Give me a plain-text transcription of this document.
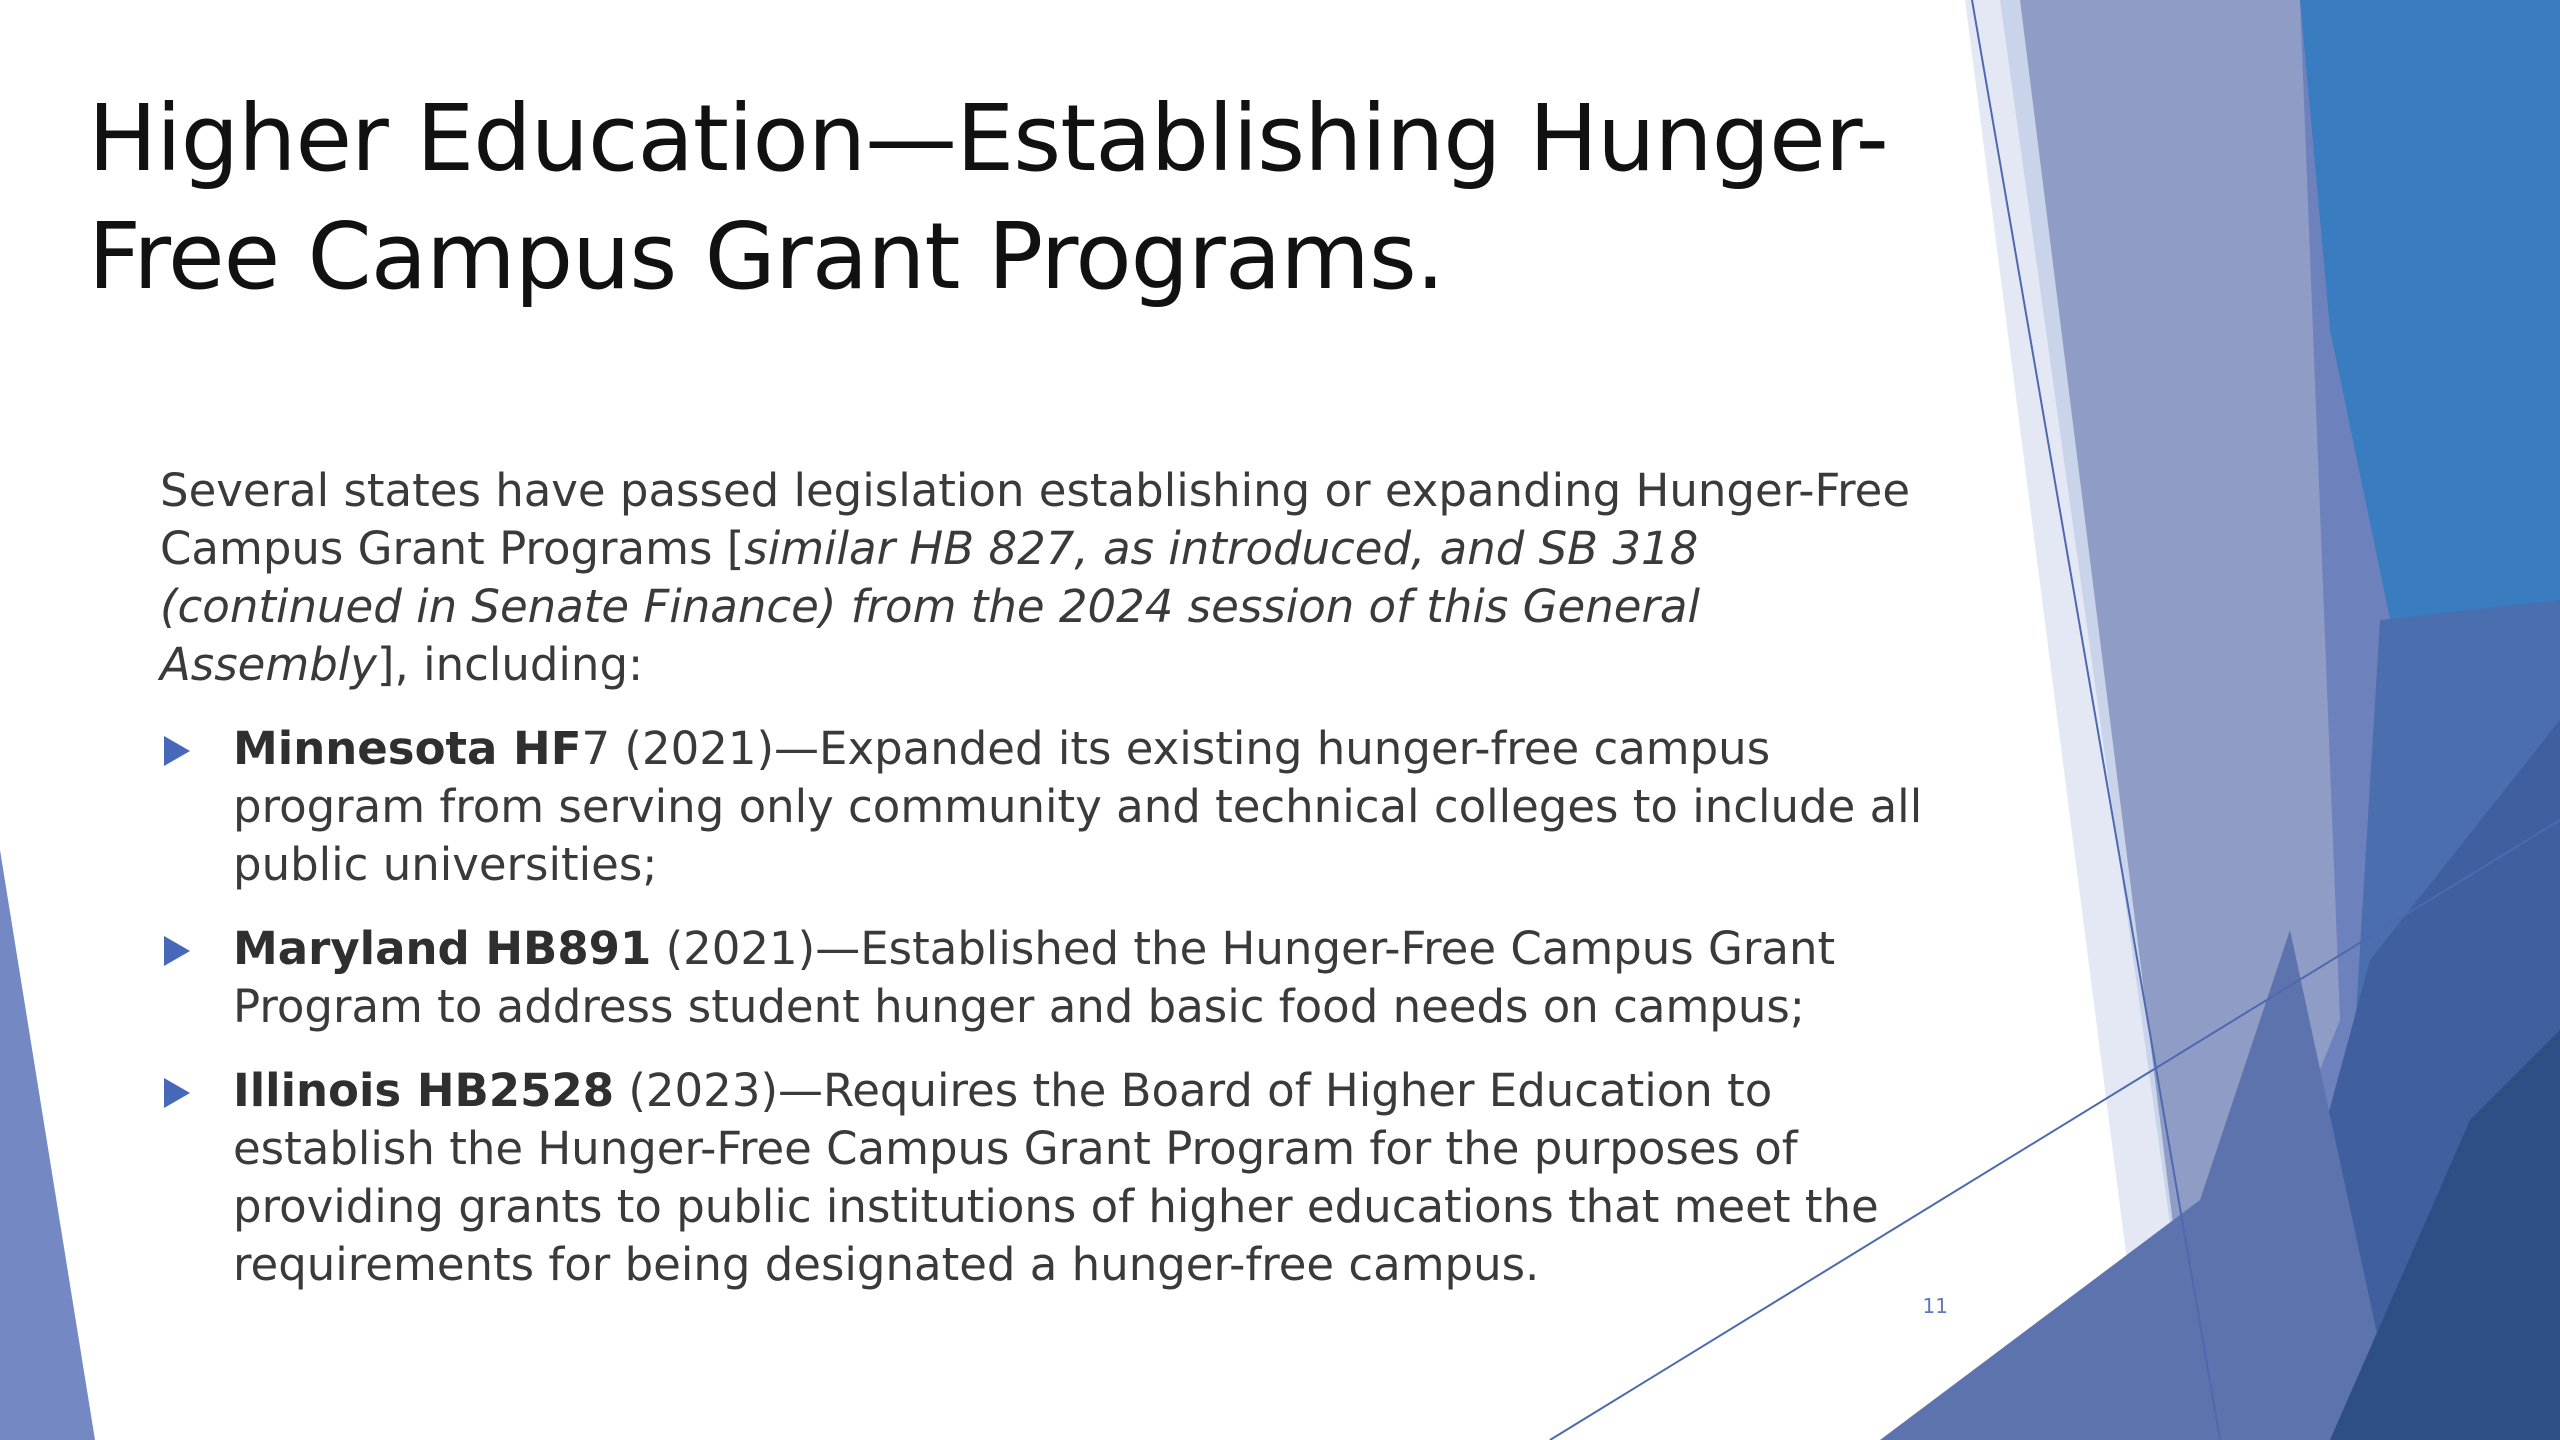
Higher Education—Establishing Hunger-Free Campus Grant Programs.

Several states have passed legislation establishing or expanding Hunger-Free Campus Grant Programs [similar HB 827, as introduced, and SB 318 (continued in Senate Finance) from the 2024 session of this General Assembly], including:

Minnesota HF7 (2021)—Expanded its existing hunger-free campus program from serving only community and technical colleges to include all public universities;
Maryland HB891 (2021)—Established the Hunger-Free Campus Grant Program to address student hunger and basic food needs on campus;
Illinois HB2528 (2023)—Requires the Board of Higher Education to establish the Hunger-Free Campus Grant Program for the purposes of providing grants to public institutions of higher educations that meet the requirements for being designated a hunger-free campus.
11
